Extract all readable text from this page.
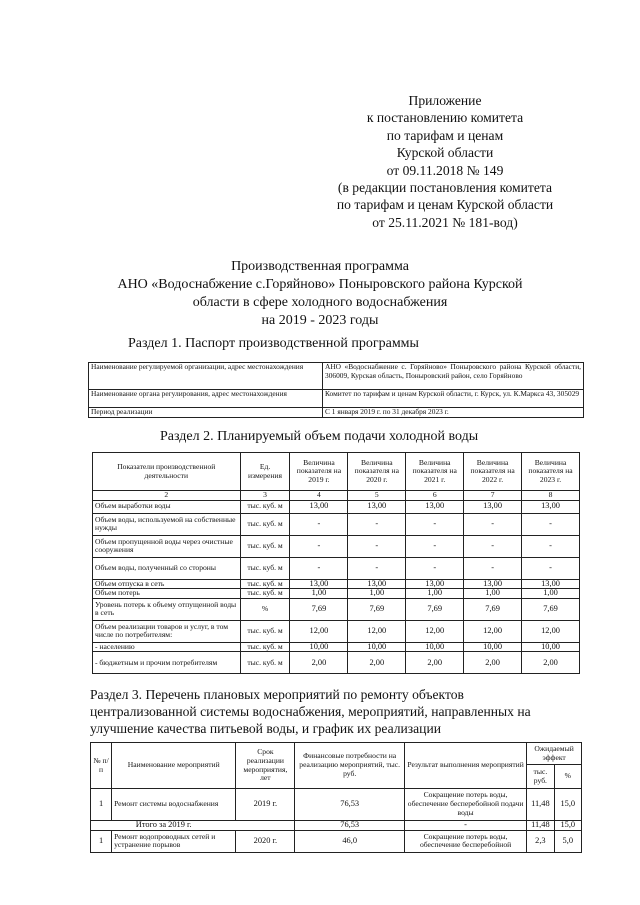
Приложение
к постановлению комитета
по тарифам и ценам
Курской области
от 09.11.2018 № 149
(в редакции постановления комитета
по тарифам и ценам Курской области
от 25.11.2021 № 181-вод)
Производственная программа
АНО «Водоснабжение с.Горяйново» Поныровского района Курской
области в сфере холодного водоснабжения
на 2019 - 2023 годы
Раздел 1. Паспорт производственной программы
Наименование регулируемой организации, адрес местонахождения	АНО «Водоснабжение с. Горяйново» Поныровского района Курской области, 306009, Курская область, Поныровский район, село Горяйново
Наименование органа регулирования, адрес местонахождения	Комитет по тарифам и ценам Курской области, г. Курск, ул. К.Маркса 43, 305029
Период реализации	С 1 января 2019 г. по 31 декабря 2023 г.
Раздел 2. Планируемый объем подачи холодной воды
Показатели производственной деятельности	Ед. измерения	Величина показателя на 2019 г.	Величина показателя на 2020 г.	Величина показателя на 2021 г.	Величина показателя на 2022 г.	Величина показателя на 2023 г.
2	3	4	5	6	7	8
Объем выработки воды	тыс. куб. м	13,00	13,00	13,00	13,00	13,00
Объем воды, используемой на собственные нужды	тыс. куб. м	-	-	-	-	-
Объем пропущенной воды через очистные сооружения	тыс. куб. м	-	-	-	-	-
Объем воды, полученный со стороны	тыс. куб. м	-	-	-	-	-
Объем отпуска в сеть	тыс. куб. м	13,00	13,00	13,00	13,00	13,00
Объем потерь	тыс. куб. м	1,00	1,00	1,00	1,00	1,00
Уровень потерь к объему отпущенной воды в сеть	%	7,69	7,69	7,69	7,69	7,69
Объем реализации товаров и услуг, в том числе по потребителям:	тыс. куб. м	12,00	12,00	12,00	12,00	12,00
- населению	тыс. куб. м	10,00	10,00	10,00	10,00	10,00
- бюджетным и прочим потребителям	тыс. куб. м	2,00	2,00	2,00	2,00	2,00
Раздел 3. Перечень плановых мероприятий по ремонту объектов
централизованной системы водоснабжения, мероприятий, направленных на
улучшение качества питьевой воды, и график их реализации
№ п/ п	Наименование мероприятий	Срок реализации мероприятия, лет	Финансовые потребности на реализацию мероприятий, тыс. руб.	Результат выполнения мероприятий	Ожидаемый эффект	
					тыс. руб.	%
1	Ремонт системы водоснабжения	2019 г.	76,53	Сокращение потерь воды, обеспечение бесперебойной подачи воды	11,48	15,0
Итого за 2019 г.			76,53	-	11,48	15,0
1	Ремонт водопроводных сетей и устранение порывов	2020 г.	46,0	Сокращение потерь воды, обеспечение бесперебойной	2,3	5,0
